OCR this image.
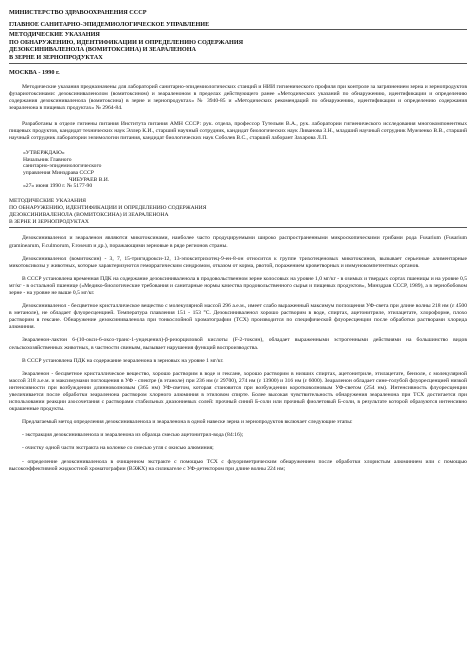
МИНИСТЕРСТВО ЗДРАВООХРАНЕНИЯ СССР

ГЛАВНОЕ САНИТАРНО-ЭПИДЕМИОЛОГИЧЕСКОЕ УПРАВЛЕНИЕ

МЕТОДИЧЕСКИЕ УКАЗАНИЯ

ПО ОБНАРУЖЕНИЮ, ИДЕНТИФИКАЦИИ И ОПРЕДЕЛЕНИЮ СОДЕРЖАНИЯ

ДЕЗОКСИНИВАЛЕНОЛА (ВОМИТОКСИНА) И ЗЕАРАЛЕНОНА

В ЗЕРНЕ И ЗЕРНОПРОДУКТАХ

МОСКВА - 1990 г.

Методические указания предназначены для лабораторий санитарно-эпидемиологических станций и НИИ гигиенического профиля при контроле за загрязнением зерна и зернопродуктов фузариотоксинами: дезоксиниваленолом (вомитоксином) и зеараленоном в пределах действующего ранее «Методических указаний по обнаружению, идентификации и определению содержания дезоксиниваленола (вомитоксина) в зерне и зернопродуктах» № 3940-85 и «Методических рекомендаций по обнаружению, идентификации и определению содержания зеараленона в пищевых продуктах» № 2964-84.

Разработаны в отделе гигиены питания Института питания АМН СССР: рук. отдела, профессор Тутельян В.А., рук. лаборатории гигиенического исследования многокомпонентных пищевых продуктов, кандидат технических наук Эллер К.И., старший научный сотрудник, кандидат биологических наук Ливанова З.Н., младший научный сотрудник Мужченко В.В., старший научный сотрудник лаборатории энзимологии питания, кандидат биологических наук Соболев В.С., старший лаборант Захарова Л.П.

«УТВЕРЖДАЮ»

Начальник Главного

санитарно-эпидемиологического

управления Минздрава СССР

ЧИБУРАЕВ В.И.

«27» июня 1990 г. № 5177-90

МЕТОДИЧЕСКИЕ УКАЗАНИЯ

ПО ОБНАРУЖЕНИЮ, ИДЕНТИФИКАЦИИ И ОПРЕДЕЛЕНИЮ СОДЕРЖАНИЯ

ДЕЗОКСИНИВАЛЕНОЛА (ВОМИТОКСИНА) И ЗЕАРАЛЕНОНА

В ЗЕРНЕ И ЗЕРНОПРОДУКТАХ

Дезоксиниваленол и зеараленон являются микотоксинами, наиболее часто продуцируемыми широко распространенными микроскопическими грибами рода Fusarium (Fusarium graminearum, F.culmorum, F.roseum и др.), поражающими зерновые в ряде регионов страны.

Дезоксиниваленол (вомитоксин) - 3, 7, 15-тригидрокси-12, 13-эпокситрихотец-9-ен-8-он относится к группе трихотеценовых микотоксинов, вызывает серьезные алиментарные микотоксикозы у животных, которые характеризуются геморрагическим синдромом, отказом от корма, рвотой, поражением кроветворных и иммунокомпетентных органов.

В СССР установлена временная ПДК на содержание дезоксиниваленола в продовольственном зерне колосовых на уровне 1,0 мг/кг - в озимых и твердых сортах пшеницы и на уровне 0,5 мг/кг - в остальной пшенице («Медико-биологические требования и санитарные нормы качества продовольственного сырья и пищевых продуктов», Минздрав СССР, 1989), а в зернобобовом зерне - на уровне не выше 0,5 мг/кг.

Дезоксиниваленол - бесцветное кристаллическое вещество с молекулярной массой 296 а.е.м., имеет слабо выраженный максимум поглощения УФ-света при длине волны 218 нм (ε 4500 в метаноле), не обладает флуоресценцией. Температура плавления 151 - 153 °С. Дезоксиниваленол хорошо растворим в воде, спиртах, ацетонитриле, этилацетате, хлороформе, плохо растворим в гексане. Обнаружение дезоксиниваленола при тонкослойной хроматографии (ТСХ) производится по специфической флуоресценции после обработки растворами хлорида алюминия.

Зеараленон-лактон 6-(10-окси-6-оксо-транс-1-ундеценил)-β-резорциловой кислоты (F-2-токсин), обладает выраженными эстрогенными действиями на большинство видов сельскохозяйственных животных, в частности свиньям, вызывает нарушения функций воспроизводства.

В СССР установлена ПДК на содержание зеараленона в зерновых на уровне 1 мг/кг.

Зеараленон - бесцветное кристаллическое вещество, хорошо растворим в воде и гексане, хорошо растворим в низших спиртах, ацетонитриле, этилацетате, бензоле, с молекулярной массой 318 а.е.м. и максимумами поглощения в УФ - спектре (в этаноле) при 236 нм (ε 29700), 274 нм (ε 13900) и 316 нм (ε 6000). Зеараленон обладает сине-голубой флуоресценцией низкой интенсивности при возбуждении длинноволновым (365 нм) УФ-светом, которая становится при возбуждении коротковолновым УФ-светом (254 нм). Интенсивность флуоресценции увеличивается после обработки зеараленона раствором хлорного алюминия в этиловом спирте. Более высокая чувствительность обнаружения зеараленона при ТСХ достигается при использовании реакции азосочетания с растворами стабильных диазониевых солей: прочный синий Б-соли или прочный фиолетовый Б-соли, в результате которой образуются интенсивно окрашенные продукты.

Предлагаемый метод определения дезоксиниваленола и зеараленона в одной навеске зерна и зернопродуктов включает следующие этапы:

- экстракция дезоксиниваленола и зеараленона из образца смесью ацетонитрил-вода (84:16);

- очистку одной части экстракта на колонке со смесью угля с окисью алюминия;

- определение дезоксиниваленола в очищенном экстракте с помощью ТСХ с флуориметрическим обнаружением после обработки хлористым алюминием или с помощью высокоэффективной жидкостной хроматографии (ВЭЖХ) на силикагеле с УФ-детектором при длине волны 224 нм;
